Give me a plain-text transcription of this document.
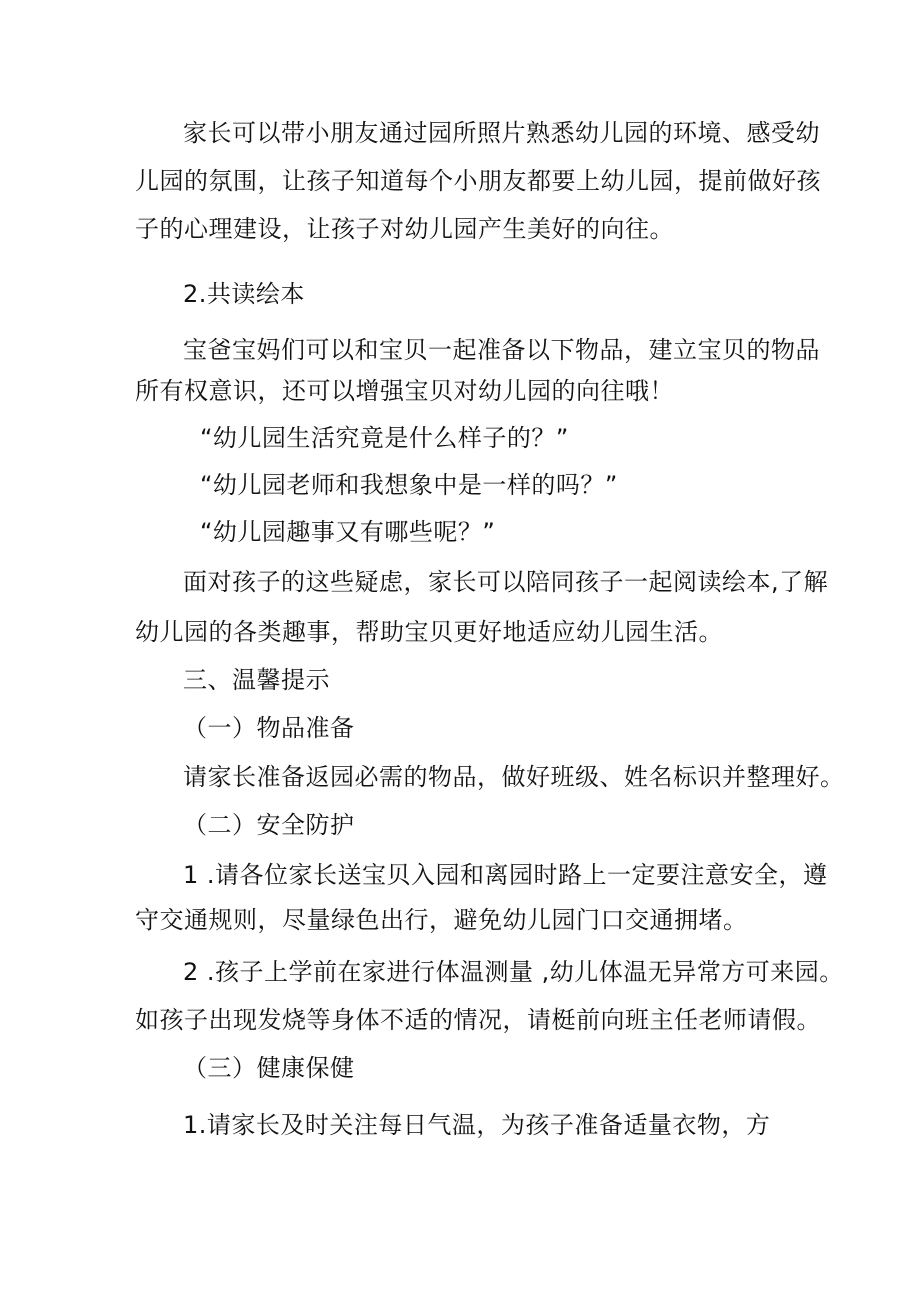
家长可以带小朋友通过园所照片熟悉幼儿园的环境、感受幼
儿园的氛围，让孩子知道每个小朋友都要上幼儿园，提前做好孩
子的心理建设，让孩子对幼儿园产生美好的向往。
2.共读绘本
宝爸宝妈们可以和宝贝一起准备以下物品，建立宝贝的物品
所有权意识，还可以增强宝贝对幼儿园的向往哦！
“幼儿园生活究竟是什么样子的？”
“幼儿园老师和我想象中是一样的吗？”
“幼儿园趣事又有哪些呢？”
面对孩子的这些疑虑，家长可以陪同孩子一起阅读绘本,了解
幼儿园的各类趣事，帮助宝贝更好地适应幼儿园生活。
三、温馨提示
（一）物品准备
请家长准备返园必需的物品，做好班级、姓名标识并整理好。
（二）安全防护
1 .请各位家长送宝贝入园和离园时路上一定要注意安全，遵
守交通规则，尽量绿色出行，避免幼儿园门口交通拥堵。
2 .孩子上学前在家进行体温测量 ,幼儿体温无异常方可来园。
如孩子出现发烧等身体不适的情况，请梃前向班主任老师请假。
（三）健康保健
1.请家长及时关注每日气温，为孩子准备适量衣物，方
